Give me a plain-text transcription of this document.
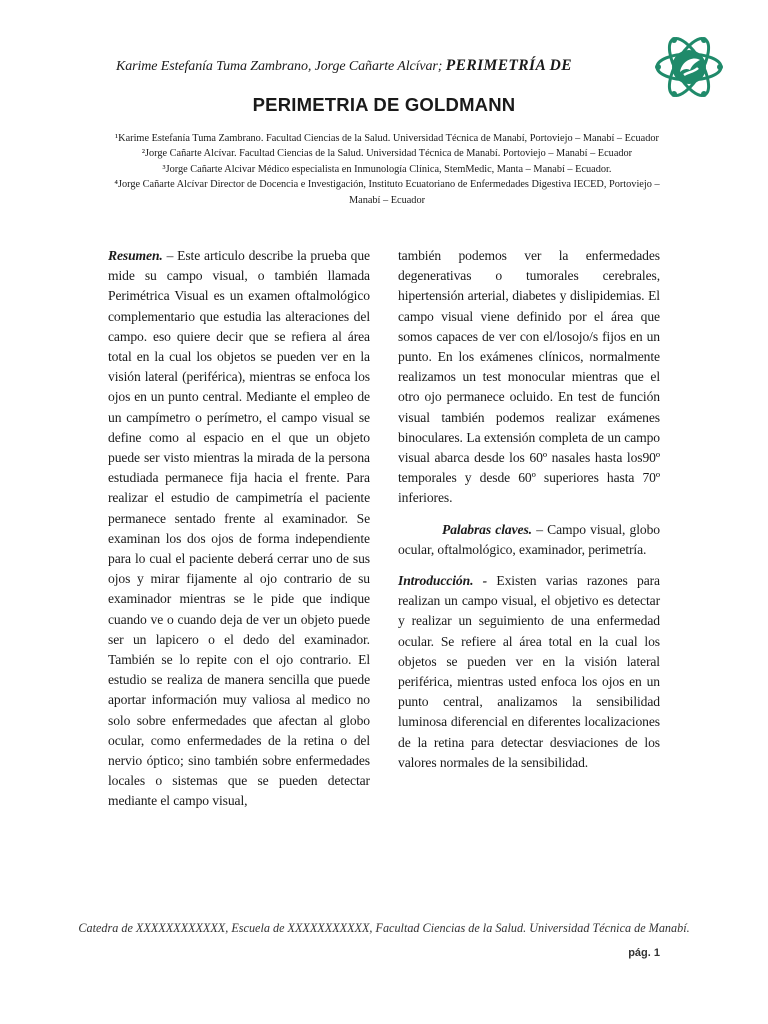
Karime Estefanía Tuma Zambrano, Jorge Cañarte Alcívar; PERIMETRÍA DE
PERIMETRIA DE GOLDMANN
¹Karime Estefanía Tuma Zambrano. Facultad Ciencias de la Salud. Universidad Técnica de Manabí, Portoviejo – Manabí – Ecuador
²Jorge Cañarte Alcívar. Facultad Ciencias de la Salud. Universidad Técnica de Manabí. Portoviejo – Manabí – Ecuador
³Jorge Cañarte Alcivar Médico especialista en Inmunología Clínica, StemMedic, Manta – Manabí – Ecuador.
⁴Jorge Cañarte Alcívar Director de Docencia e Investigación, Instituto Ecuatoriano de Enfermedades Digestiva IECED, Portoviejo – Manabí – Ecuador

Resumen. – Este articulo describe la prueba que mide su campo visual, o también llamada Perimétrica Visual es un examen oftalmológico complementario que estudia las alteraciones del campo. eso quiere decir que se refiera al área total en la cual los objetos se pueden ver en la visión lateral (periférica), mientras se enfoca los ojos en un punto central. Mediante el empleo de un campímetro o perímetro, el campo visual se define como al espacio en el que un objeto puede ser visto mientras la mirada de la persona estudiada permanece fija hacia el frente. Para realizar el estudio de campimetría el paciente permanece sentado frente al examinador. Se examinan los dos ojos de forma independiente para lo cual el paciente deberá cerrar uno de sus ojos y mirar fijamente al ojo contrario de su examinador mientras se le pide que indique cuando ve o cuando deja de ver un objeto puede ser un lapicero o el dedo del examinador. También se lo repite con el ojo contrario. El estudio se realiza de manera sencilla que puede aportar información muy valiosa al medico no solo sobre enfermedades que afectan al globo ocular, como enfermedades de la retina o del nervio óptico; sino también sobre enfermedades locales o sistemas que se pueden detectar mediante el campo visual,

también podemos ver la enfermedades degenerativas o tumorales cerebrales, hipertensión arterial, diabetes y dislipidemias. El campo visual viene definido por el área que somos capaces de ver con el/losojo/s fijos en un punto. En los exámenes clínicos, normalmente realizamos un test monocular mientras que el otro ojo permanece ocluido. En test de función visual también podemos realizar exámenes binoculares. La extensión completa de un campo visual abarca desde los 60º nasales hasta los90º temporales y desde 60º superiores hasta 70º inferiores.

Palabras claves. – Campo visual, globo ocular, oftalmológico, examinador, perimetría.

Introducción. - Existen varias razones para realizan un campo visual, el objetivo es detectar y realizar un seguimiento de una enfermedad ocular. Se refiere al área total en la cual los objetos se pueden ver en la visión lateral periférica, mientras usted enfoca los ojos en un punto central, analizamos la sensibilidad luminosa diferencial en diferentes localizaciones de la retina para detectar desviaciones de los valores normales de la sensibilidad.

Catedra de XXXXXXXXXXXX, Escuela de XXXXXXXXXXX, Facultad Ciencias de la Salud. Universidad Técnica de Manabí.
pág. 1
